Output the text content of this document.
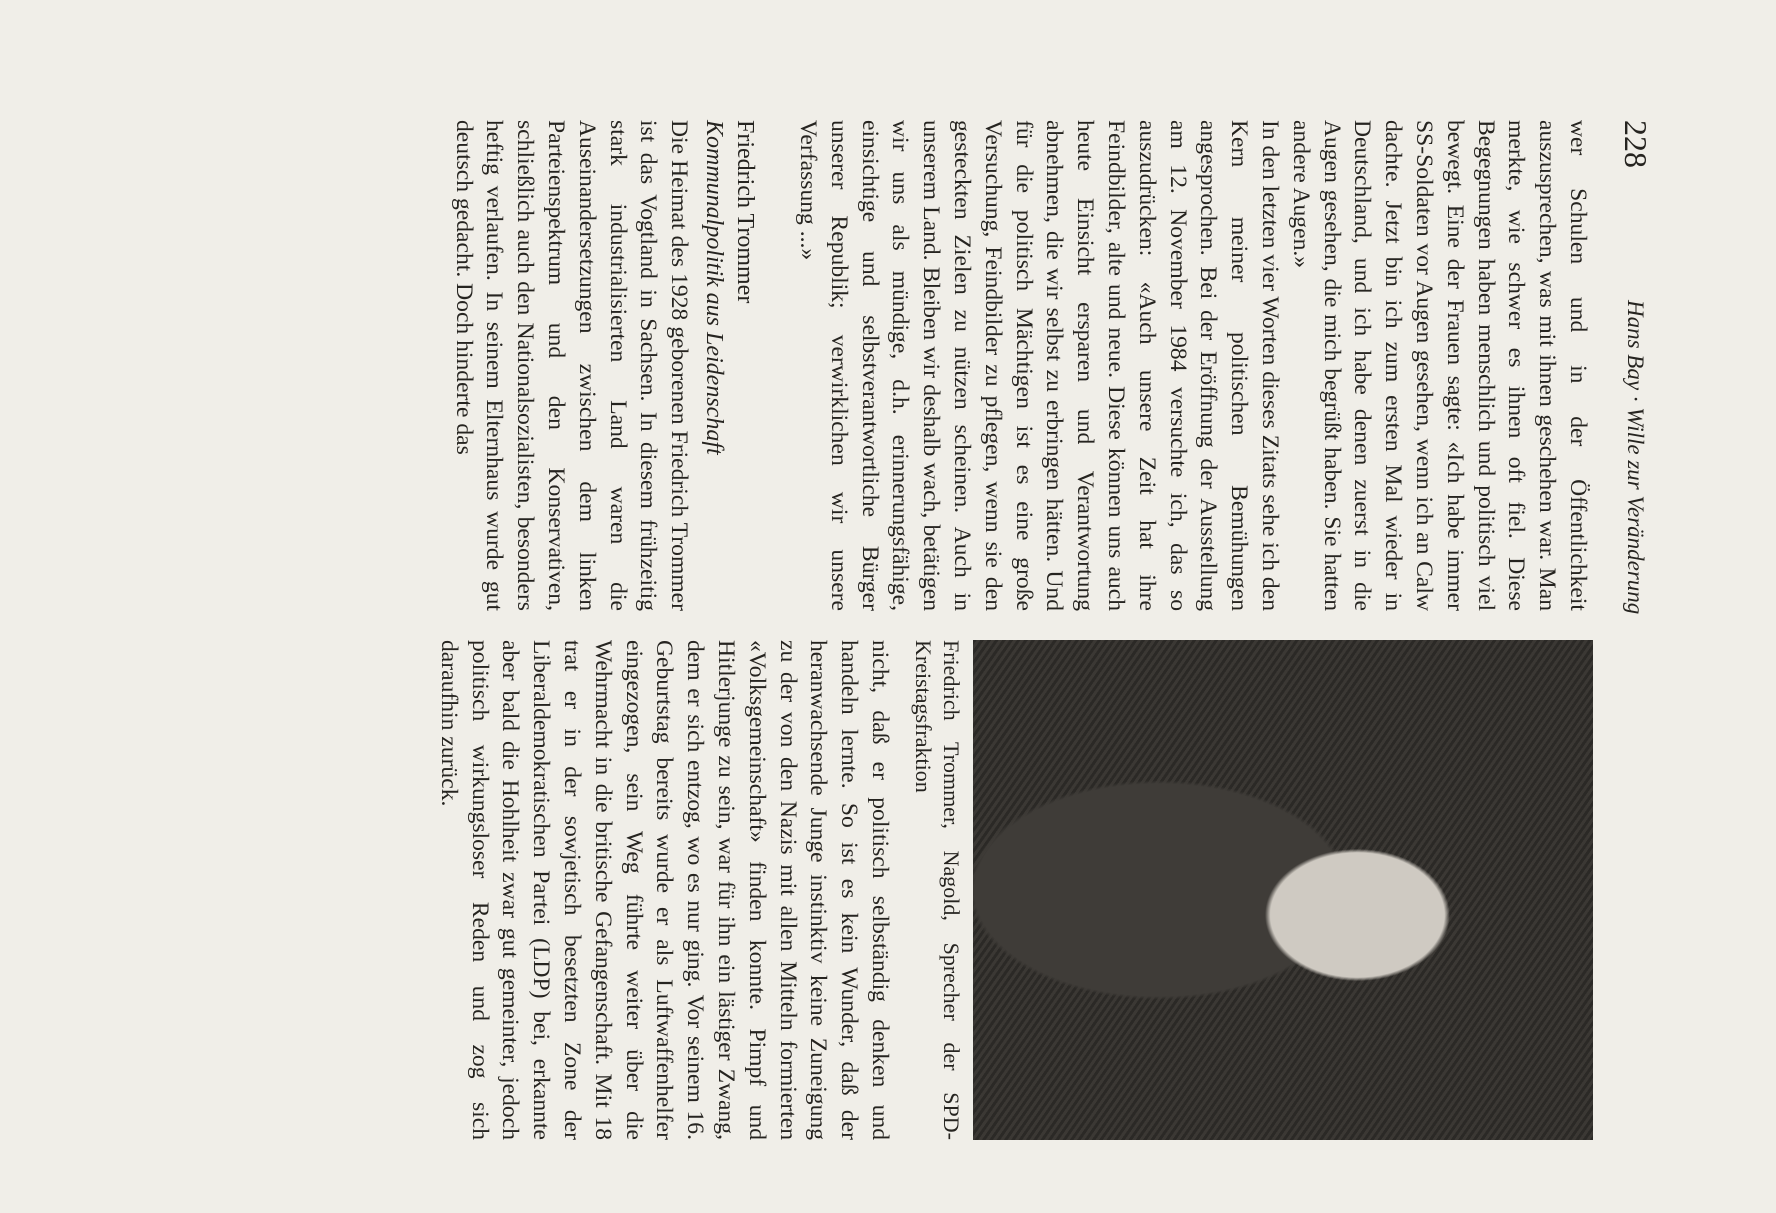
228
Hans Bay · Wille zur Veränderung

wer Schulen und in der Öffentlichkeit auszusprechen, was mit ihnen geschehen war. Man merkte, wie schwer es ihnen oft fiel. Diese Begegnungen haben menschlich und politisch viel bewegt. Eine der Frauen sagte: «Ich habe immer SS-Soldaten vor Augen gesehen, wenn ich an Calw dachte. Jetzt bin ich zum ersten Mal wieder in Deutschland, und ich habe denen zuerst in die Augen gesehen, die mich begrüßt haben. Sie hatten andere Augen.»

In den letzten vier Worten dieses Zitats sehe ich den Kern meiner politischen Bemühungen angesprochen. Bei der Eröffnung der Ausstellung am 12. November 1984 versuchte ich, das so auszudrücken: «Auch unsere Zeit hat ihre Feindbilder, alte und neue. Diese können uns auch heute Einsicht ersparen und Verantwortung abnehmen, die wir selbst zu erbringen hätten. Und für die politisch Mächtigen ist es eine große Versuchung, Feindbilder zu pflegen, wenn sie den gesteckten Zielen zu nützen scheinen. Auch in unserem Land. Bleiben wir deshalb wach, betätigen wir uns als mündige, d.h. erinnerungsfähige, einsichtige und selbstverantwortliche Bürger unserer Republik; verwirklichen wir unsere Verfassung ...»

Friedrich Trommer
Kommunalpolitik aus Leidenschaft

Die Heimat des 1928 geborenen Friedrich Trommer ist das Vogtland in Sachsen. In diesem frühzeitig stark industrialisierten Land waren die Auseinandersetzungen zwischen dem linken Parteienspektrum und den Konservativen, schließlich auch den Nationalsozialisten, besonders heftig verlaufen. In seinem Elternhaus wurde gut deutsch gedacht. Doch hinderte das

Friedrich Trommer, Nagold, Sprecher der SPD-Kreistagsfraktion

nicht, daß er politisch selbständig denken und handeln lernte. So ist es kein Wunder, daß der heranwachsende Junge instinktiv keine Zuneigung zu der von den Nazis mit allen Mitteln formierten «Volksgemeinschaft» finden konnte. Pimpf und Hitlerjunge zu sein, war für ihn ein lästiger Zwang, dem er sich entzog, wo es nur ging. Vor seinem 16. Geburtstag bereits wurde er als Luftwaffenhelfer eingezogen, sein Weg führte weiter über die Wehrmacht in die britische Gefangenschaft. Mit 18 trat er in der sowjetisch besetzten Zone der Liberaldemokratischen Partei (LDP) bei, erkannte aber bald die Hohlheit zwar gut gemeinter, jedoch politisch wirkungsloser Reden und zog sich daraufhin zurück.
